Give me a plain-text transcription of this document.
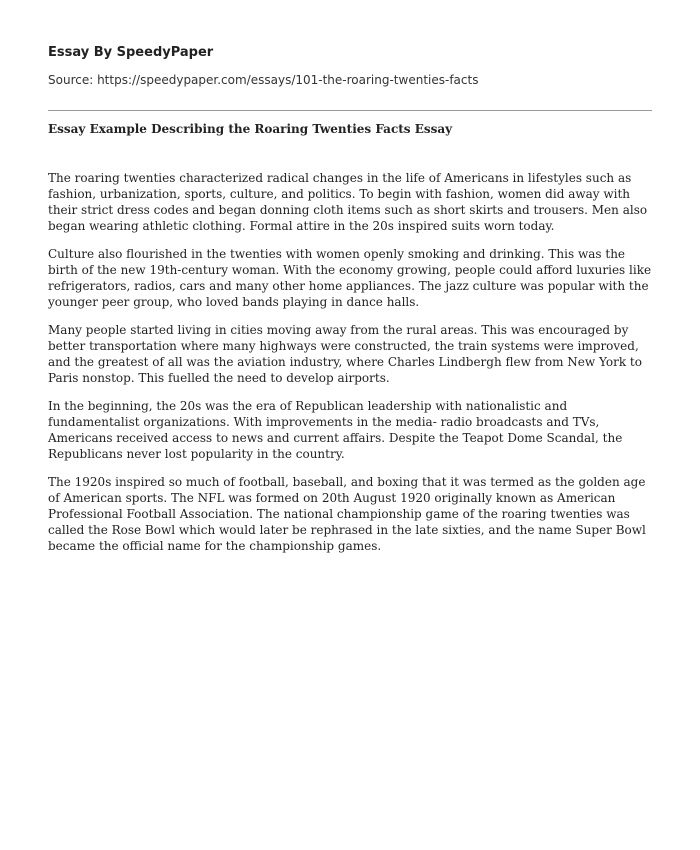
Essay By SpeedyPaper
Source: https://speedypaper.com/essays/101-the-roaring-twenties-facts
Essay Example Describing the Roaring Twenties Facts Essay

The roaring twenties characterized radical changes in the life of Americans in lifestyles such as fashion, urbanization, sports, culture, and politics. To begin with fashion, women did away with their strict dress codes and began donning cloth items such as short skirts and trousers. Men also began wearing athletic clothing. Formal attire in the 20s inspired suits worn today.

Culture also flourished in the twenties with women openly smoking and drinking. This was the birth of the new 19th-century woman. With the economy growing, people could afford luxuries like refrigerators, radios, cars and many other home appliances. The jazz culture was popular with the younger peer group, who loved bands playing in dance halls.

Many people started living in cities moving away from the rural areas. This was encouraged by better transportation where many highways were constructed, the train systems were improved, and the greatest of all was the aviation industry, where Charles Lindbergh flew from New York to Paris nonstop. This fuelled the need to develop airports.

In the beginning, the 20s was the era of Republican leadership with nationalistic and fundamentalist organizations. With improvements in the media- radio broadcasts and TVs, Americans received access to news and current affairs. Despite the Teapot Dome Scandal, the Republicans never lost popularity in the country.

The 1920s inspired so much of football, baseball, and boxing that it was termed as the golden age of American sports. The NFL was formed on 20th August 1920 originally known as American Professional Football Association. The national championship game of the roaring twenties was called the Rose Bowl which would later be rephrased in the late sixties, and the name Super Bowl became the official name for the championship games.
